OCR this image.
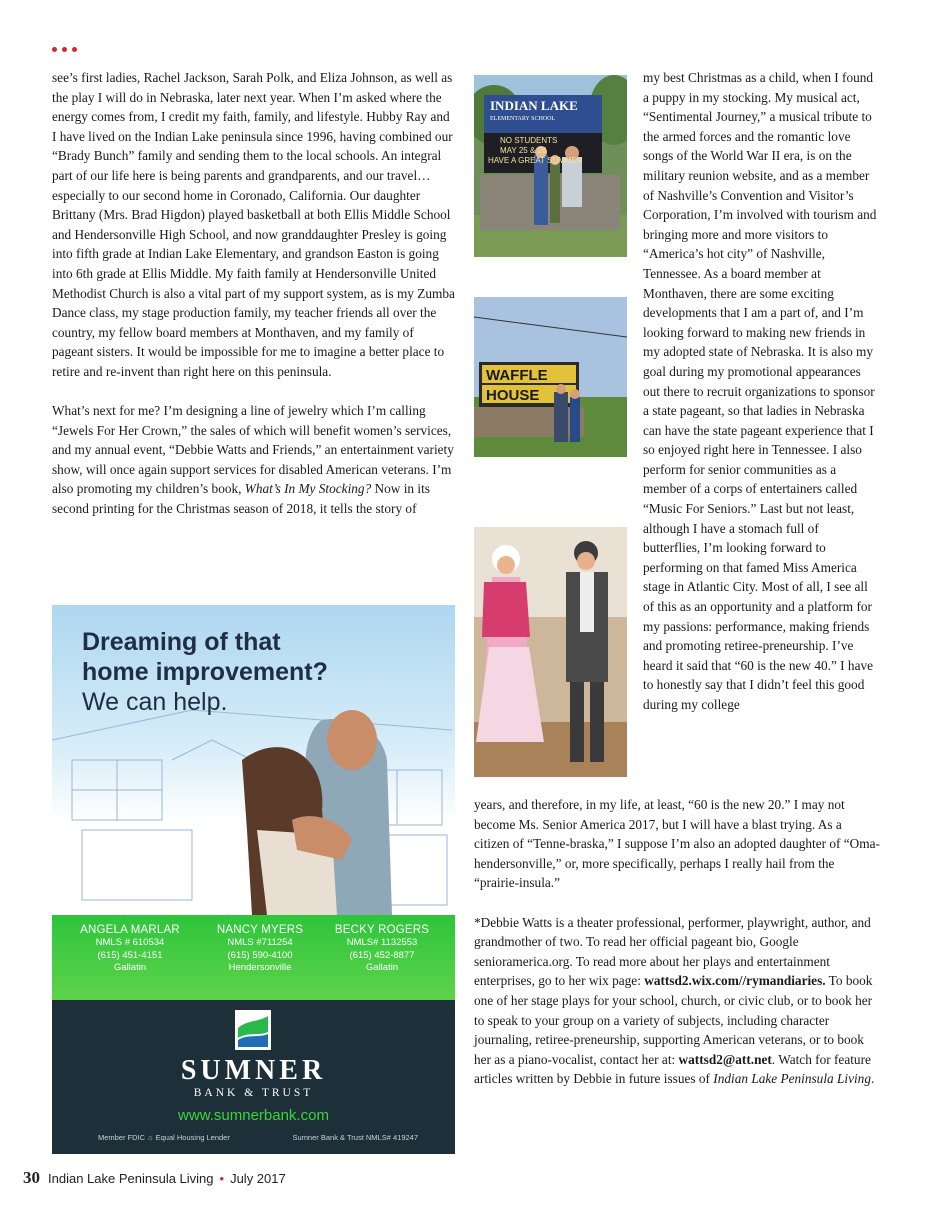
see’s first ladies, Rachel Jackson, Sarah Polk, and Eliza Johnson, as well as the play I will do in Nebraska, later next year. When I’m asked where the energy comes from, I credit my faith, family, and lifestyle. Hubby Ray and I have lived on the Indian Lake peninsula since 1996, having combined our “Brady Bunch” family and sending them to the local schools. An integral part of our life here is being parents and grandparents, and our travel… especially to our second home in Coronado, California. Our daughter Brittany (Mrs. Brad Higdon) played basketball at both Ellis Middle School and Hendersonville High School, and now granddaughter Presley is going into fifth grade at Indian Lake Elementary, and grandson Easton is going into 6th grade at Ellis Middle. My faith family at Hendersonville United Methodist Church is also a vital part of my support system, as is my Zumba Dance class, my stage production family, my teacher friends all over the country, my fellow board members at Monthaven, and my family of pageant sisters. It would be impossible for me to imagine a better place to retire and re-invent than right here on this peninsula.

What’s next for me? I’m designing a line of jewelry which I’m calling “Jewels For Her Crown,” the sales of which will benefit women’s services, and my annual event, “Debbie Watts and Friends,” an entertainment variety show, will once again support services for disabled American veterans. I’m also promoting my children’s book, What’s In My Stocking? Now in its second printing for the Christmas season of 2018, it tells the story of

INDIAN LAKE
ELEMENTARY SCHOOL
NO STUDENTS
MAY 25 & 26
HAVE A GREAT SUMMER
WAFFLE
HOUSE

my best Christmas as a child, when I found a puppy in my stocking. My musical act, “Sentimental Journey,” a musical tribute to the armed forces and the romantic love songs of the World War II era, is on the military reunion website, and as a member of Nashville’s Convention and Visitor’s Corporation, I’m involved with tourism and bringing more and more visitors to “America’s hot city” of Nashville, Tennessee. As a board member at Monthaven, there are some exciting developments that I am a part of, and I’m looking forward to making new friends in my adopted state of Nebraska. It is also my goal during my promotional appearances out there to recruit organizations to sponsor a state pageant, so that ladies in Nebraska can have the state pageant experience that I so enjoyed right here in Tennessee. I also perform for senior communities as a member of a corps of entertainers called “Music For Seniors.” Last but not least, although I have a stomach full of butterflies, I’m looking forward to performing on that famed Miss America stage in Atlantic City. Most of all, I see all of this as an opportunity and a platform for my passions: performance, making friends and promoting retiree-preneurship. I’ve heard it said that “60 is the new 40.” I have to honestly say that I didn’t feel this good during my college

years, and therefore, in my life, at least, “60 is the new 20.” I may not become Ms. Senior America 2017, but I will have a blast trying. As a citizen of “Tenne-braska,” I suppose I’m also an adopted daughter of “Oma-hendersonville,” or, more specifically, perhaps I really hail from the “prairie-insula.”

*Debbie Watts is a theater professional, performer, playwright, author, and grandmother of two. To read her official pageant bio, Google senioramerica.org. To read more about her plays and entertainment enterprises, go to her wix page: wattsd2.wix.com//rymandiaries. To book one of her stage plays for your school, church, or civic club, or to book her to speak to your group on a variety of subjects, including character journaling, retiree-preneurship, supporting American veterans, or to book her as a piano-vocalist, contact her at: wattsd2@att.net. Watch for feature articles written by Debbie in future issues of Indian Lake Peninsula Living.

Dreaming of that
home improvement?
We can help.
ANGELA MARLAR
NMLS # 610534
(615) 451-4151
Gallatin
NANCY MYERS
NMLS #711254
(615) 590-4100
Hendersonville
BECKY ROGERS
NMLS# 1132553
(615) 452-8877
Gallatin
SUMNER
BANK & TRUST
www.sumnerbank.com
Member FDIC ⌂ Equal Housing Lender	Sumner Bank & Trust NMLS# 419247
30 Indian Lake Peninsula Living • July 2017
